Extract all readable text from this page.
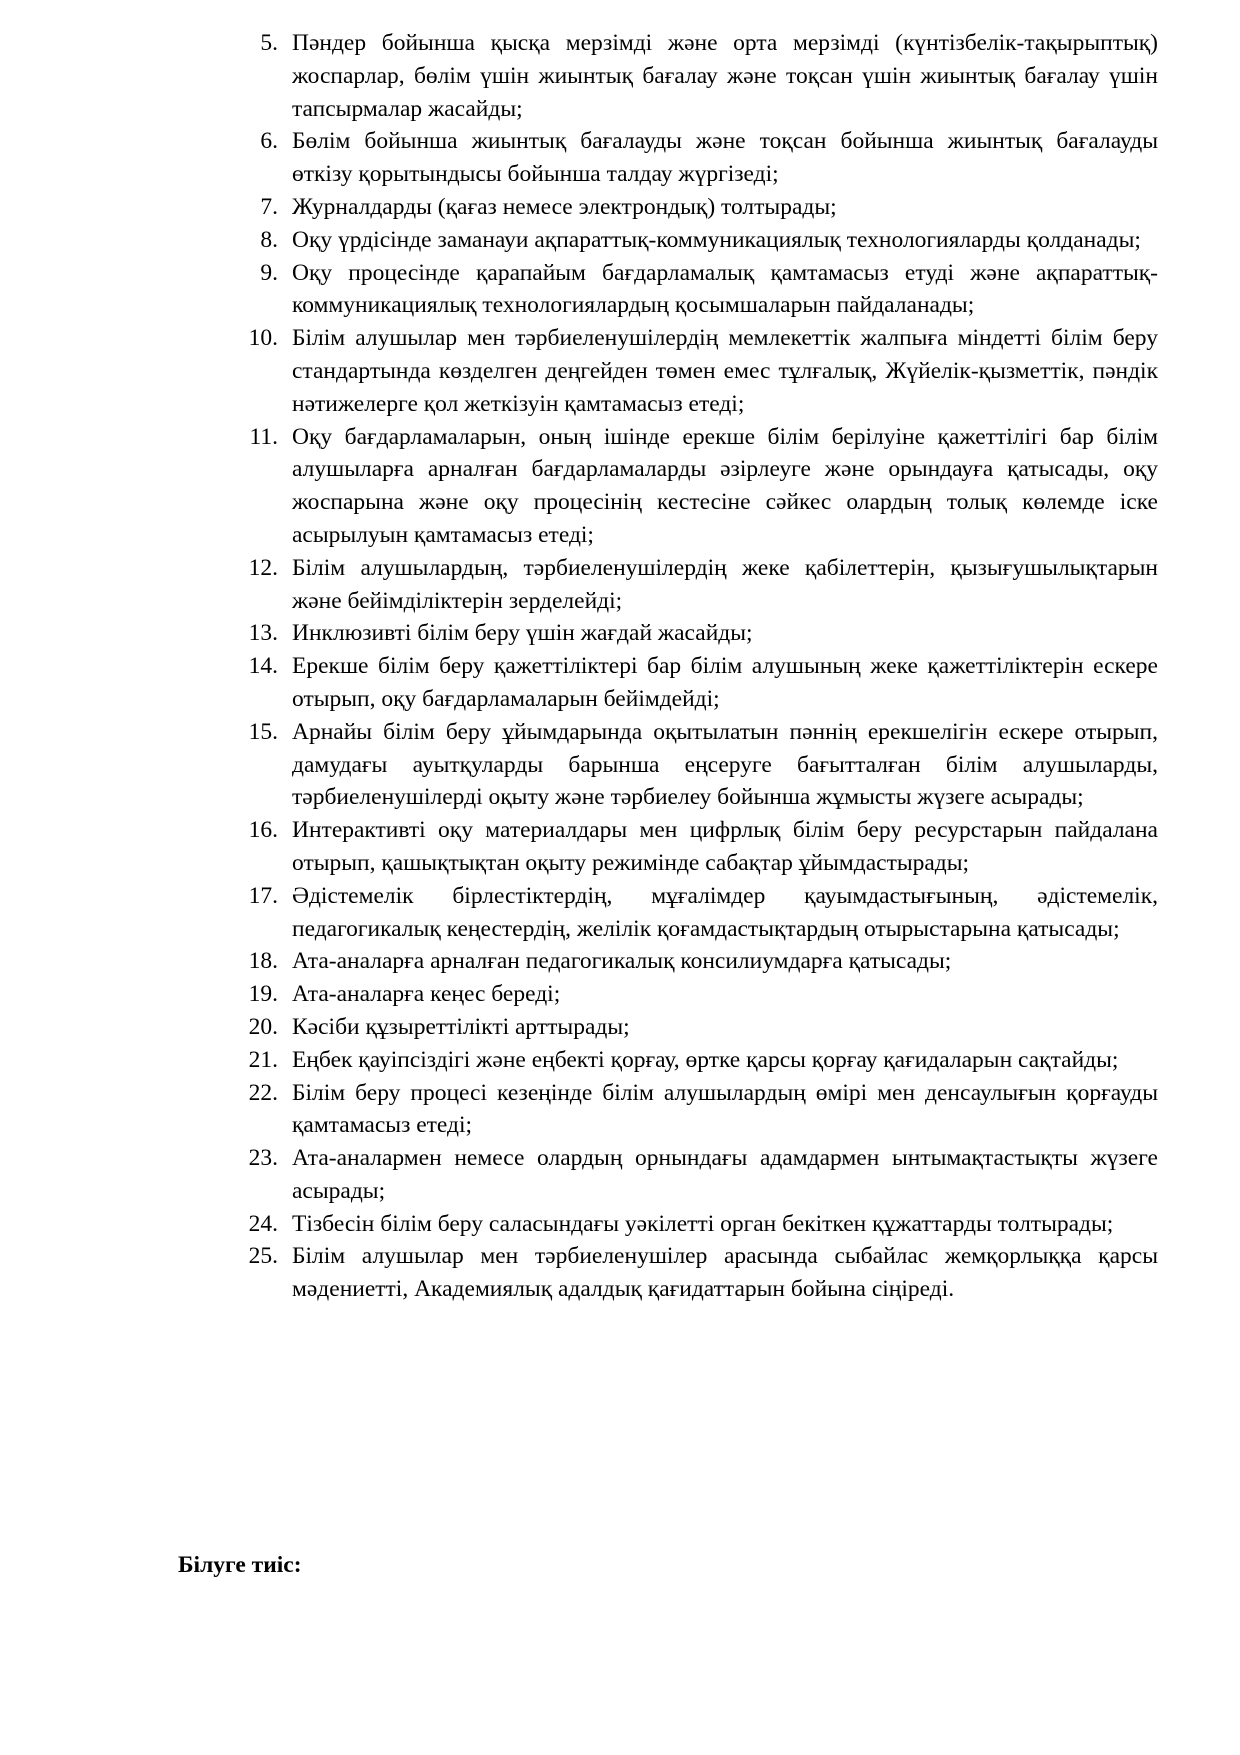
5. Пәндер бойынша қысқа мерзімді және орта мерзімді (күнтізбелік-тақырыптық) жоспарлар, бөлім үшін жиынтық бағалау және тоқсан үшін жиынтық бағалау үшін тапсырмалар жасайды;
6. Бөлім бойынша жиынтық бағалауды және тоқсан бойынша жиынтық бағалауды өткізу қорытындысы бойынша талдау жүргізеді;
7. Журналдарды (қағаз немесе электрондық) толтырады;
8. Оқу үрдісінде заманауи ақпараттық-коммуникациялық технологияларды қолданады;
9. Оқу процесінде қарапайым бағдарламалық қамтамасыз етуді және ақпараттық-коммуникациялық технологиялардың қосымшаларын пайдаланады;
10. Білім алушылар мен тәрбиеленушілердің мемлекеттік жалпыға міндетті білім беру стандартында көзделген деңгейден төмен емес тұлғалық, Жүйелік-қызметтік, пәндік нәтижелерге қол жеткізуін қамтамасыз етеді;
11. Оқу бағдарламаларын, оның ішінде ерекше білім берілуіне қажеттілігі бар білім алушыларға арналған бағдарламаларды әзірлеуге және орындауға қатысады, оқу жоспарына және оқу процесінің кестесіне сәйкес олардың толық көлемде іске асырылуын қамтамасыз етеді;
12. Білім алушылардың, тәрбиеленушілердің жеке қабілеттерін, қызығушылықтарын және бейімділіктерін зерделейді;
13. Инклюзивті білім беру үшін жағдай жасайды;
14. Ерекше білім беру қажеттіліктері бар білім алушының жеке қажеттіліктерін ескере отырып, оқу бағдарламаларын бейімдейді;
15. Арнайы білім беру ұйымдарында оқытылатын пәннің ерекшелігін ескере отырып, дамудағы ауытқуларды барынша еңсеруге бағытталған білім алушыларды, тәрбиеленушілерді оқыту және тәрбиелеу бойынша жұмысты жүзеге асырады;
16. Интерактивті оқу материалдары мен цифрлық білім беру ресурстарын пайдалана отырып, қашықтықтан оқыту режимінде сабақтар ұйымдастырады;
17. Әдістемелік бірлестіктердің, мұғалімдер қауымдастығының, әдістемелік, педагогикалық кеңестердің, желілік қоғамдастықтардың отырыстарына қатысады;
18. Ата-аналарға арналған педагогикалық консилиумдарға қатысады;
19. Ата-аналарға кеңес береді;
20. Кәсіби құзыреттілікті арттырады;
21. Еңбек қауіпсіздігі және еңбекті қорғау, өртке қарсы қорғау қағидаларын сақтайды;
22. Білім беру процесі кезеңінде білім алушылардың өмірі мен денсаулығын қорғауды қамтамасыз етеді;
23. Ата-аналармен немесе олардың орнындағы адамдармен ынтымақтастықты жүзеге асырады;
24. Тізбесін білім беру саласындағы уәкілетті орган бекіткен құжаттарды толтырады;
25. Білім алушылар мен тәрбиеленушілер арасында сыбайлас жемқорлыққа қарсы мәдениетті, Академиялық адалдық қағидаттарын бойына сіңіреді.
Білуге тиіс:
